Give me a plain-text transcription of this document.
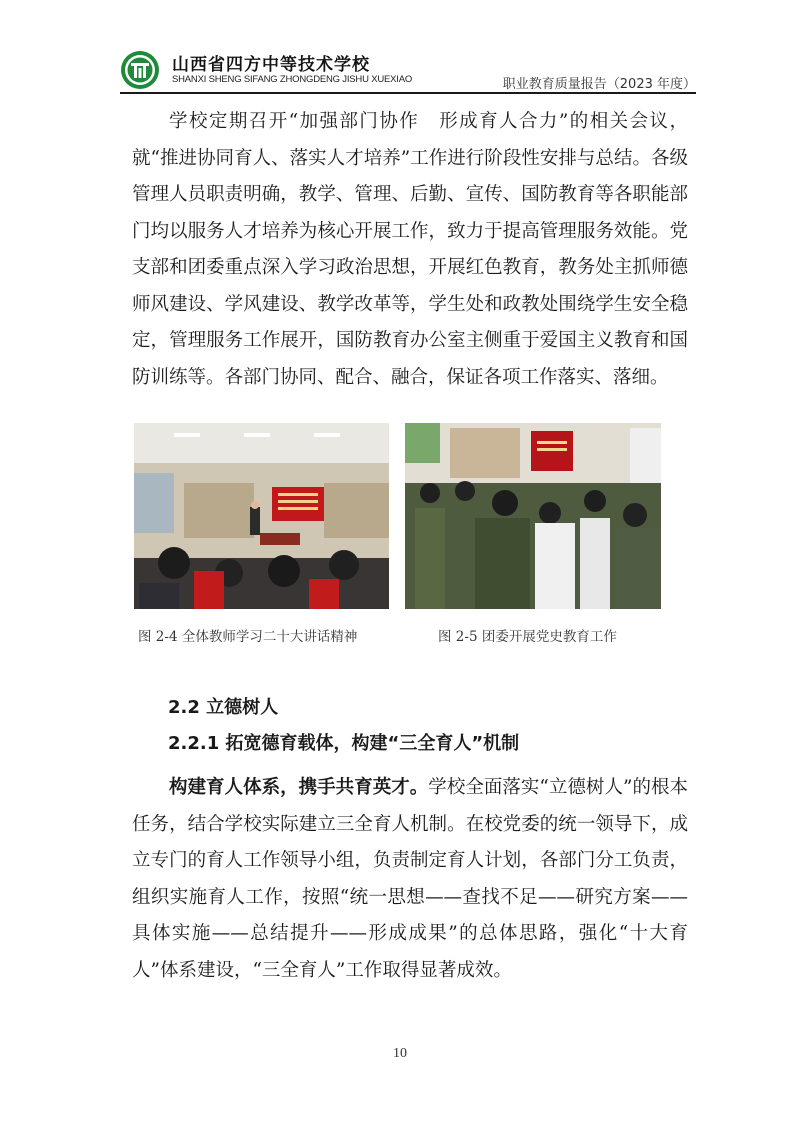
山西省四方中等技术学校
SHANXI SHENG SIFANG ZHONGDENG JISHU XUEXIAO	职业教育质量报告（2023 年度）

学校定期召开“加强部门协作　形成育人合力”的相关会议，就“推进协同育人、落实人才培养”工作进行阶段性安排与总结。各级管理人员职责明确，教学、管理、后勤、宣传、国防教育等各职能部门均以服务人才培养为核心开展工作，致力于提高管理服务效能。党支部和团委重点深入学习政治思想，开展红色教育，教务处主抓师德师风建设、学风建设、教学改革等，学生处和政教处围绕学生安全稳定，管理服务工作展开，国防教育办公室主侧重于爱国主义教育和国防训练等。各部门协同、配合、融合，保证各项工作落实、落细。

图 2-4 全体教师学习二十大讲话精神	图 2-5 团委开展党史教育工作
2.2 立德树人
2.2.1 拓宽德育载体，构建“三全育人”机制

构建育人体系，携手共育英才。学校全面落实“立德树人”的根本任务，结合学校实际建立三全育人机制。在校党委的统一领导下，成立专门的育人工作领导小组，负责制定育人计划，各部门分工负责，组织实施育人工作，按照“统一思想——查找不足——研究方案——具体实施——总结提升——形成成果”的总体思路，强化“十大育人”体系建设，“三全育人”工作取得显著成效。

10
